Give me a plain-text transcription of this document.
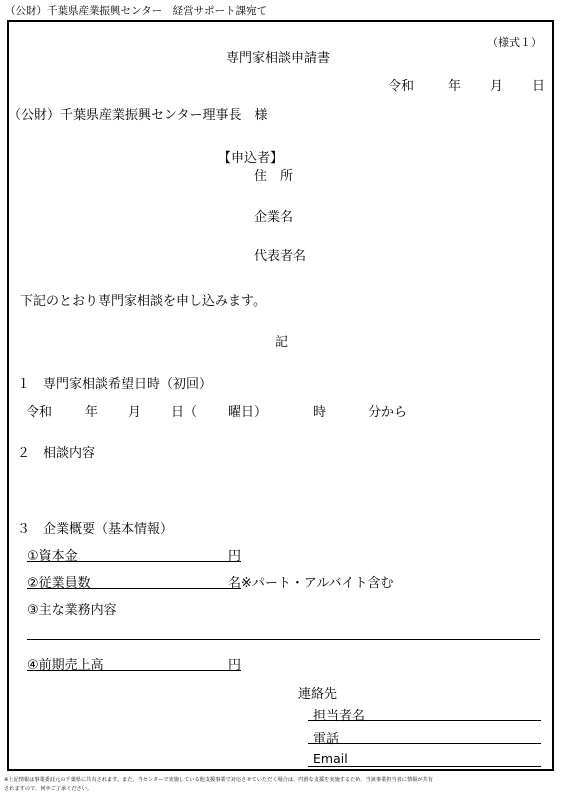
（公財）千葉県産業振興センター　経営サポート課宛て
（様式１）
専門家相談申請書
令和	年 月 日
（公財）千葉県産業振興センター理事長　様
【申込者】
住　所
企業名
代表者名
下記のとおり専門家相談を申し込みます。
記
１　専門家相談希望日時（初回）
令和	年 月 日（ 曜日）	時	分から
２　相談内容
３　企業概要（基本情報）
①資本金	円
②従業員数	名※パート・アルバイト含む
③主な業務内容
④前期売上高	円
連絡先
担当者名
電話
Email
※上記情報は事業委託元の千葉県に共有されます。また、当センターで実施している他支援事業で対応させていただく場合は、円滑な支援を実施するため、当該事業担当者に情報が共有
されますので、何卒ご了承ください。
